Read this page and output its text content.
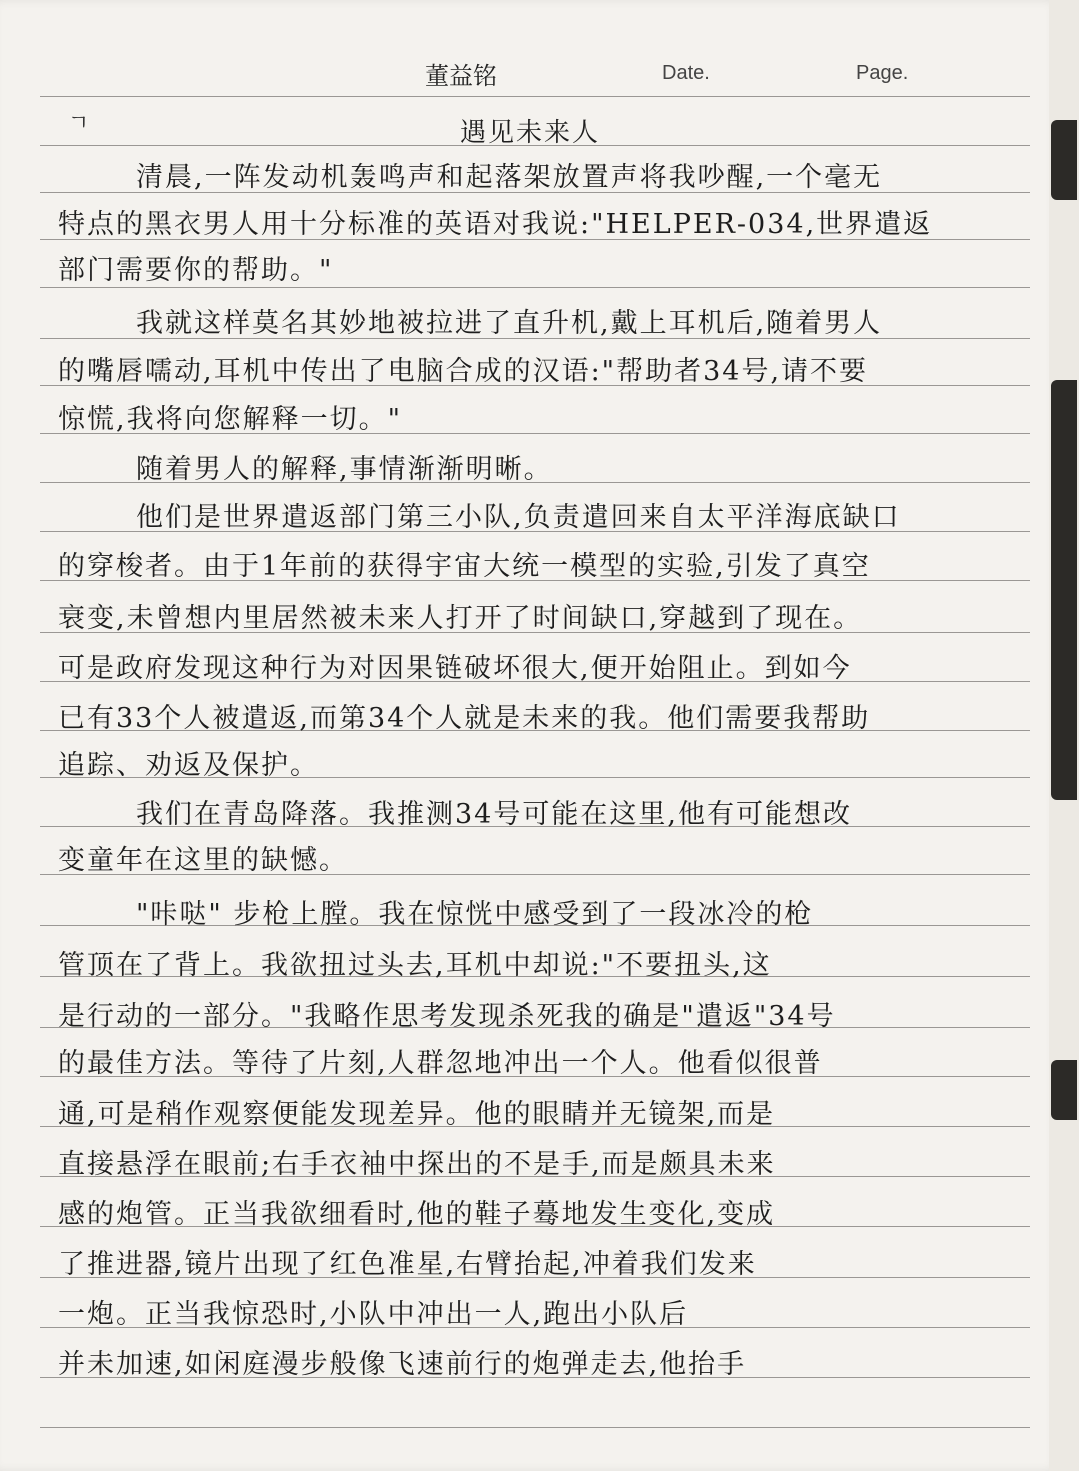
董益铭	Date.	Page.
ㄱ	遇见未来人
清晨,一阵发动机轰鸣声和起落架放置声将我吵醒,一个毫无
特点的黑衣男人用十分标准的英语对我说:"HELPER-034,世界遣返
部门需要你的帮助。"
我就这样莫名其妙地被拉进了直升机,戴上耳机后,随着男人
的嘴唇嚅动,耳机中传出了电脑合成的汉语:"帮助者34号,请不要
惊慌,我将向您解释一切。"
随着男人的解释,事情渐渐明晰。
他们是世界遣返部门第三小队,负责遣回来自太平洋海底缺口
的穿梭者。由于1年前的获得宇宙大统一模型的实验,引发了真空
衰变,未曾想内里居然被未来人打开了时间缺口,穿越到了现在。
可是政府发现这种行为对因果链破坏很大,便开始阻止。到如今
已有33个人被遣返,而第34个人就是未来的我。他们需要我帮助
追踪、劝返及保护。
我们在青岛降落。我推测34号可能在这里,他有可能想改
变童年在这里的缺憾。
"咔哒" 步枪上膛。我在惊恍中感受到了一段冰冷的枪
管顶在了背上。我欲扭过头去,耳机中却说:"不要扭头,这
是行动的一部分。"我略作思考发现杀死我的确是"遣返"34号
的最佳方法。等待了片刻,人群忽地冲出一个人。他看似很普
通,可是稍作观察便能发现差异。他的眼睛并无镜架,而是
直接悬浮在眼前;右手衣袖中探出的不是手,而是颇具未来
感的炮管。正当我欲细看时,他的鞋子蓦地发生变化,变成
了推进器,镜片出现了红色准星,右臂抬起,冲着我们发来
一炮。正当我惊恐时,小队中冲出一人,跑出小队后
并未加速,如闲庭漫步般像飞速前行的炮弹走去,他抬手
